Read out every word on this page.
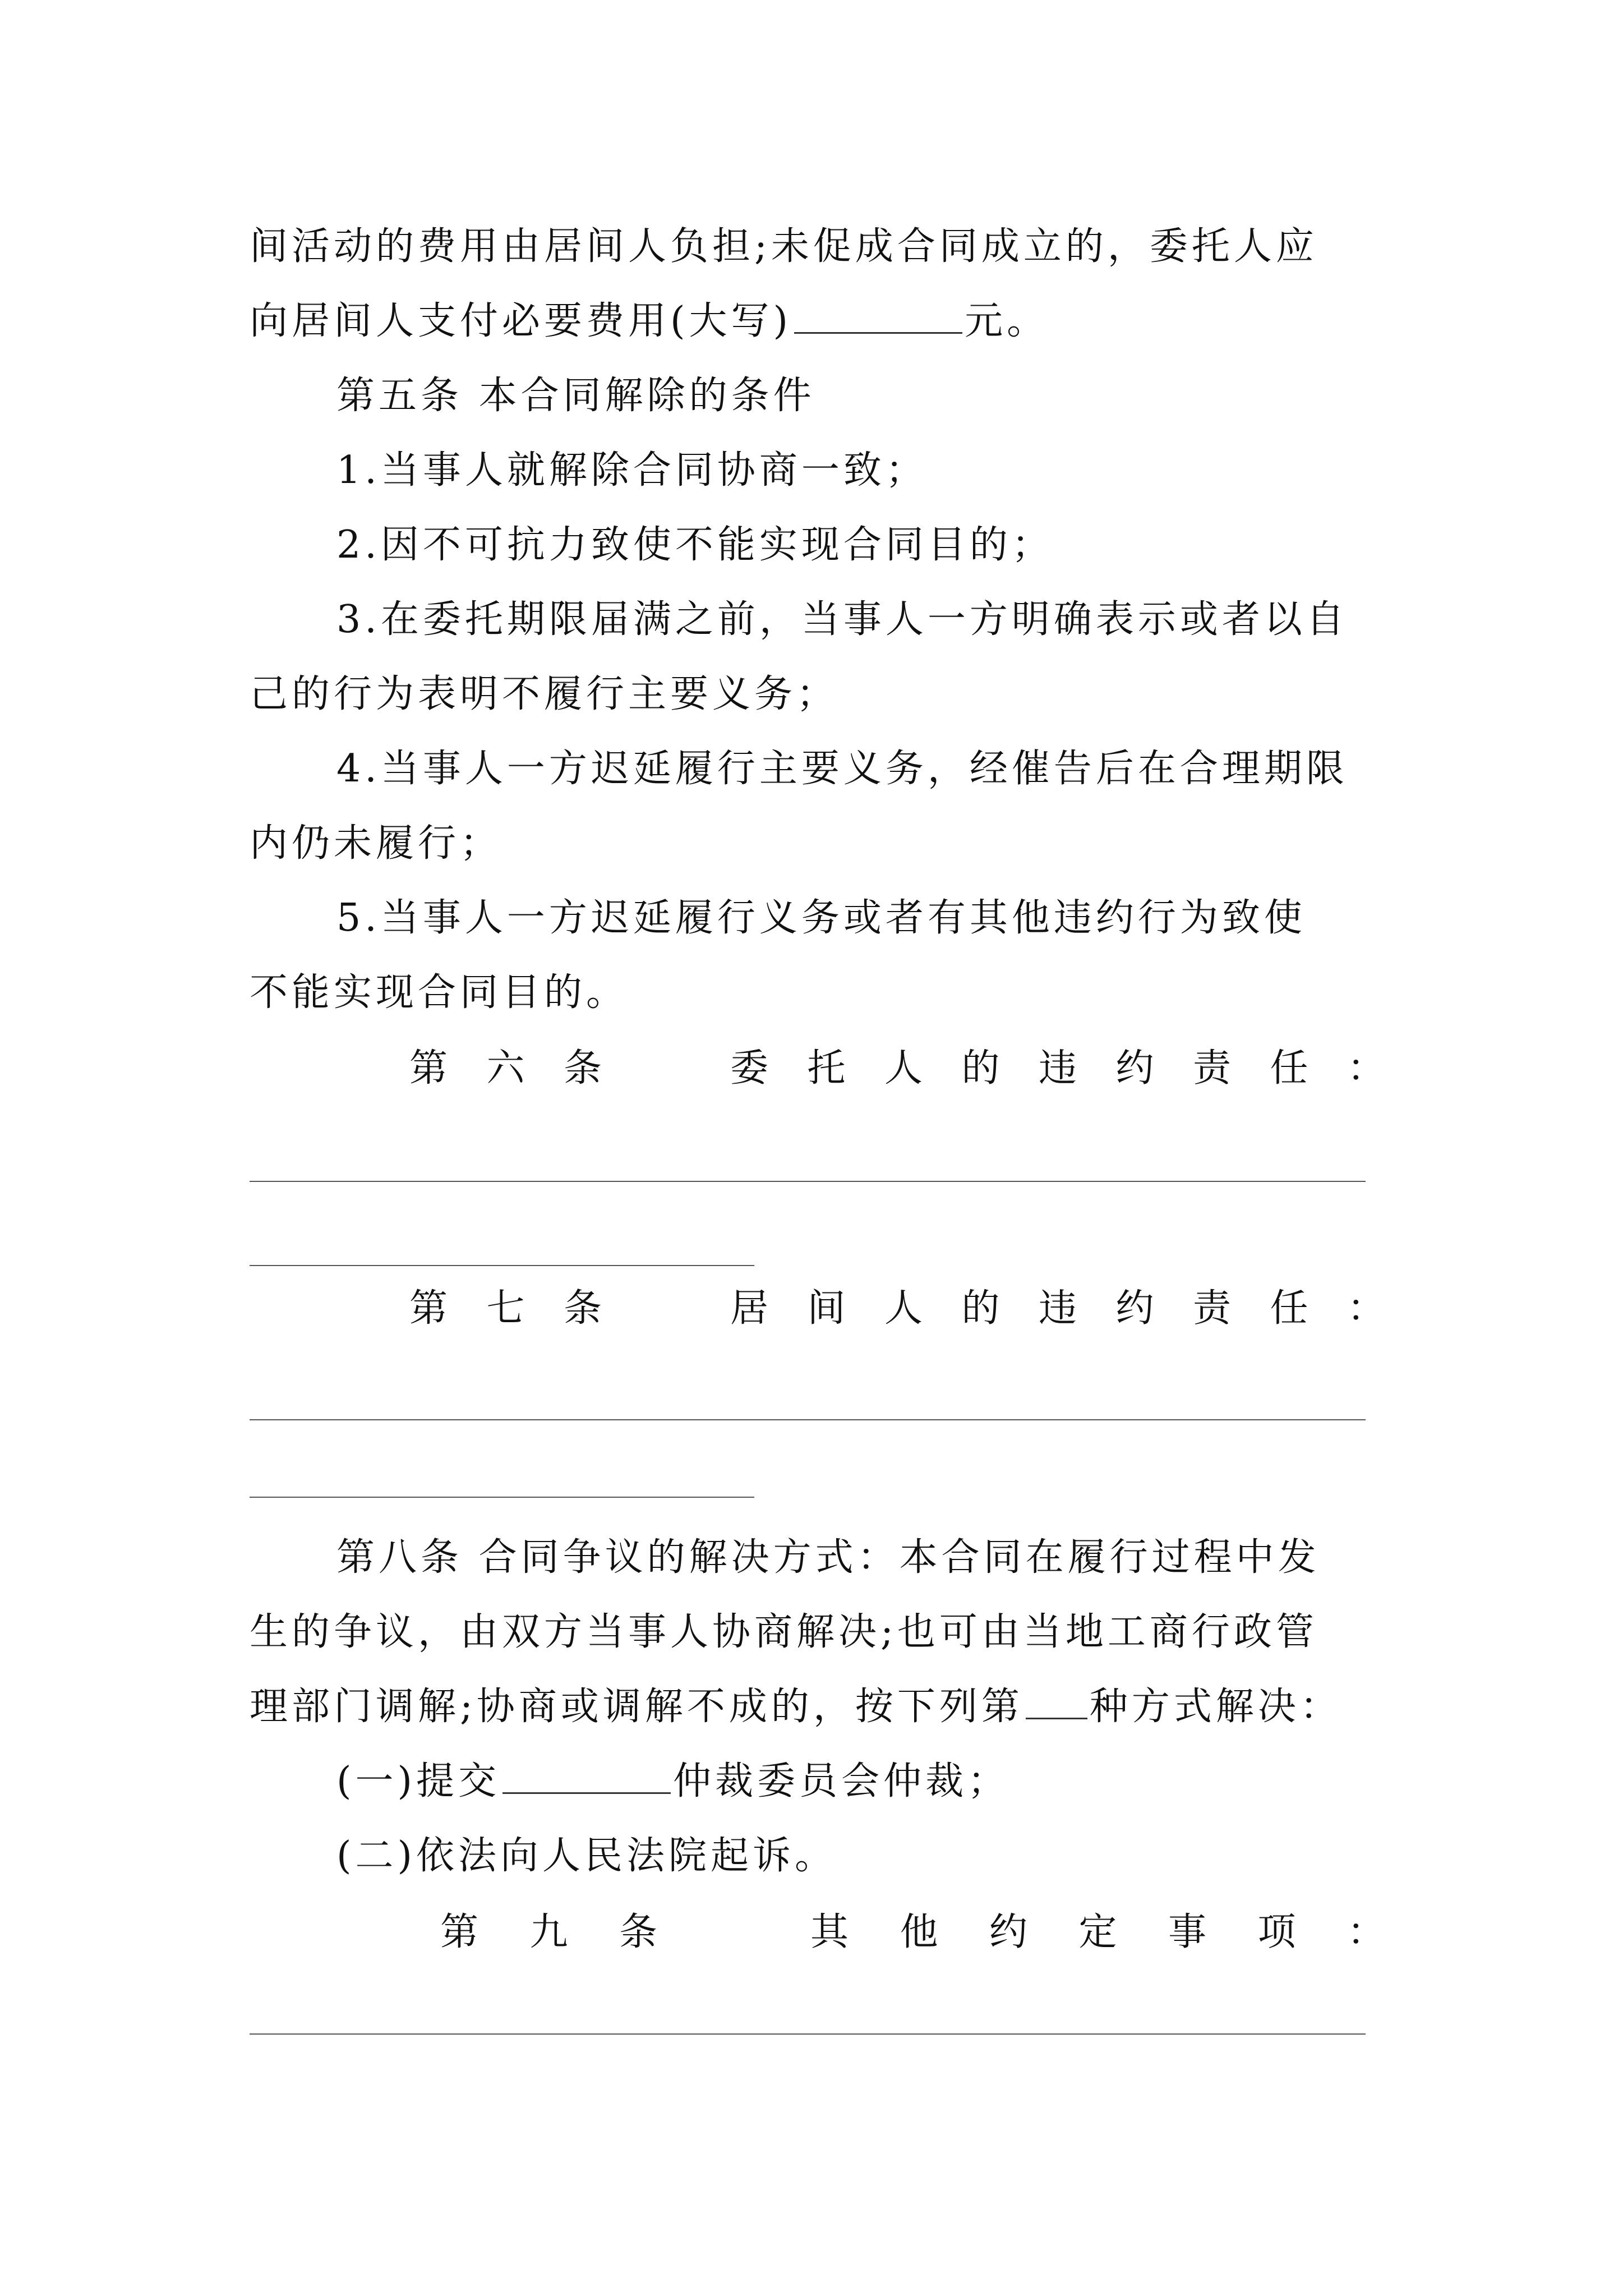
间活动的费用由居间人负担;未促成合同成立的，委托人应
向居间人支付必要费用(大写)	元。
第五条 本合同解除的条件
1.当事人就解除合同协商一致；
2.因不可抗力致使不能实现合同目的；
3.在委托期限届满之前，当事人一方明确表示或者以自
己的行为表明不履行主要义务；
4.当事人一方迟延履行主要义务，经催告后在合理期限
内仍未履行；
5.当事人一方迟延履行义务或者有其他违约行为致使
不能实现合同目的。
第 六 条	委 托 人 的 违 约 责 任 ：
第 七 条	居 间 人 的 违 约 责 任 ：
第八条 合同争议的解决方式：本合同在履行过程中发
生的争议，由双方当事人协商解决;也可由当地工商行政管
理部门调解;协商或调解不成的，按下列第 种方式解决：
(一)提交	仲裁委员会仲裁；
(二)依法向人民法院起诉。
第 九 条	其 他 约 定 事 项 ：
